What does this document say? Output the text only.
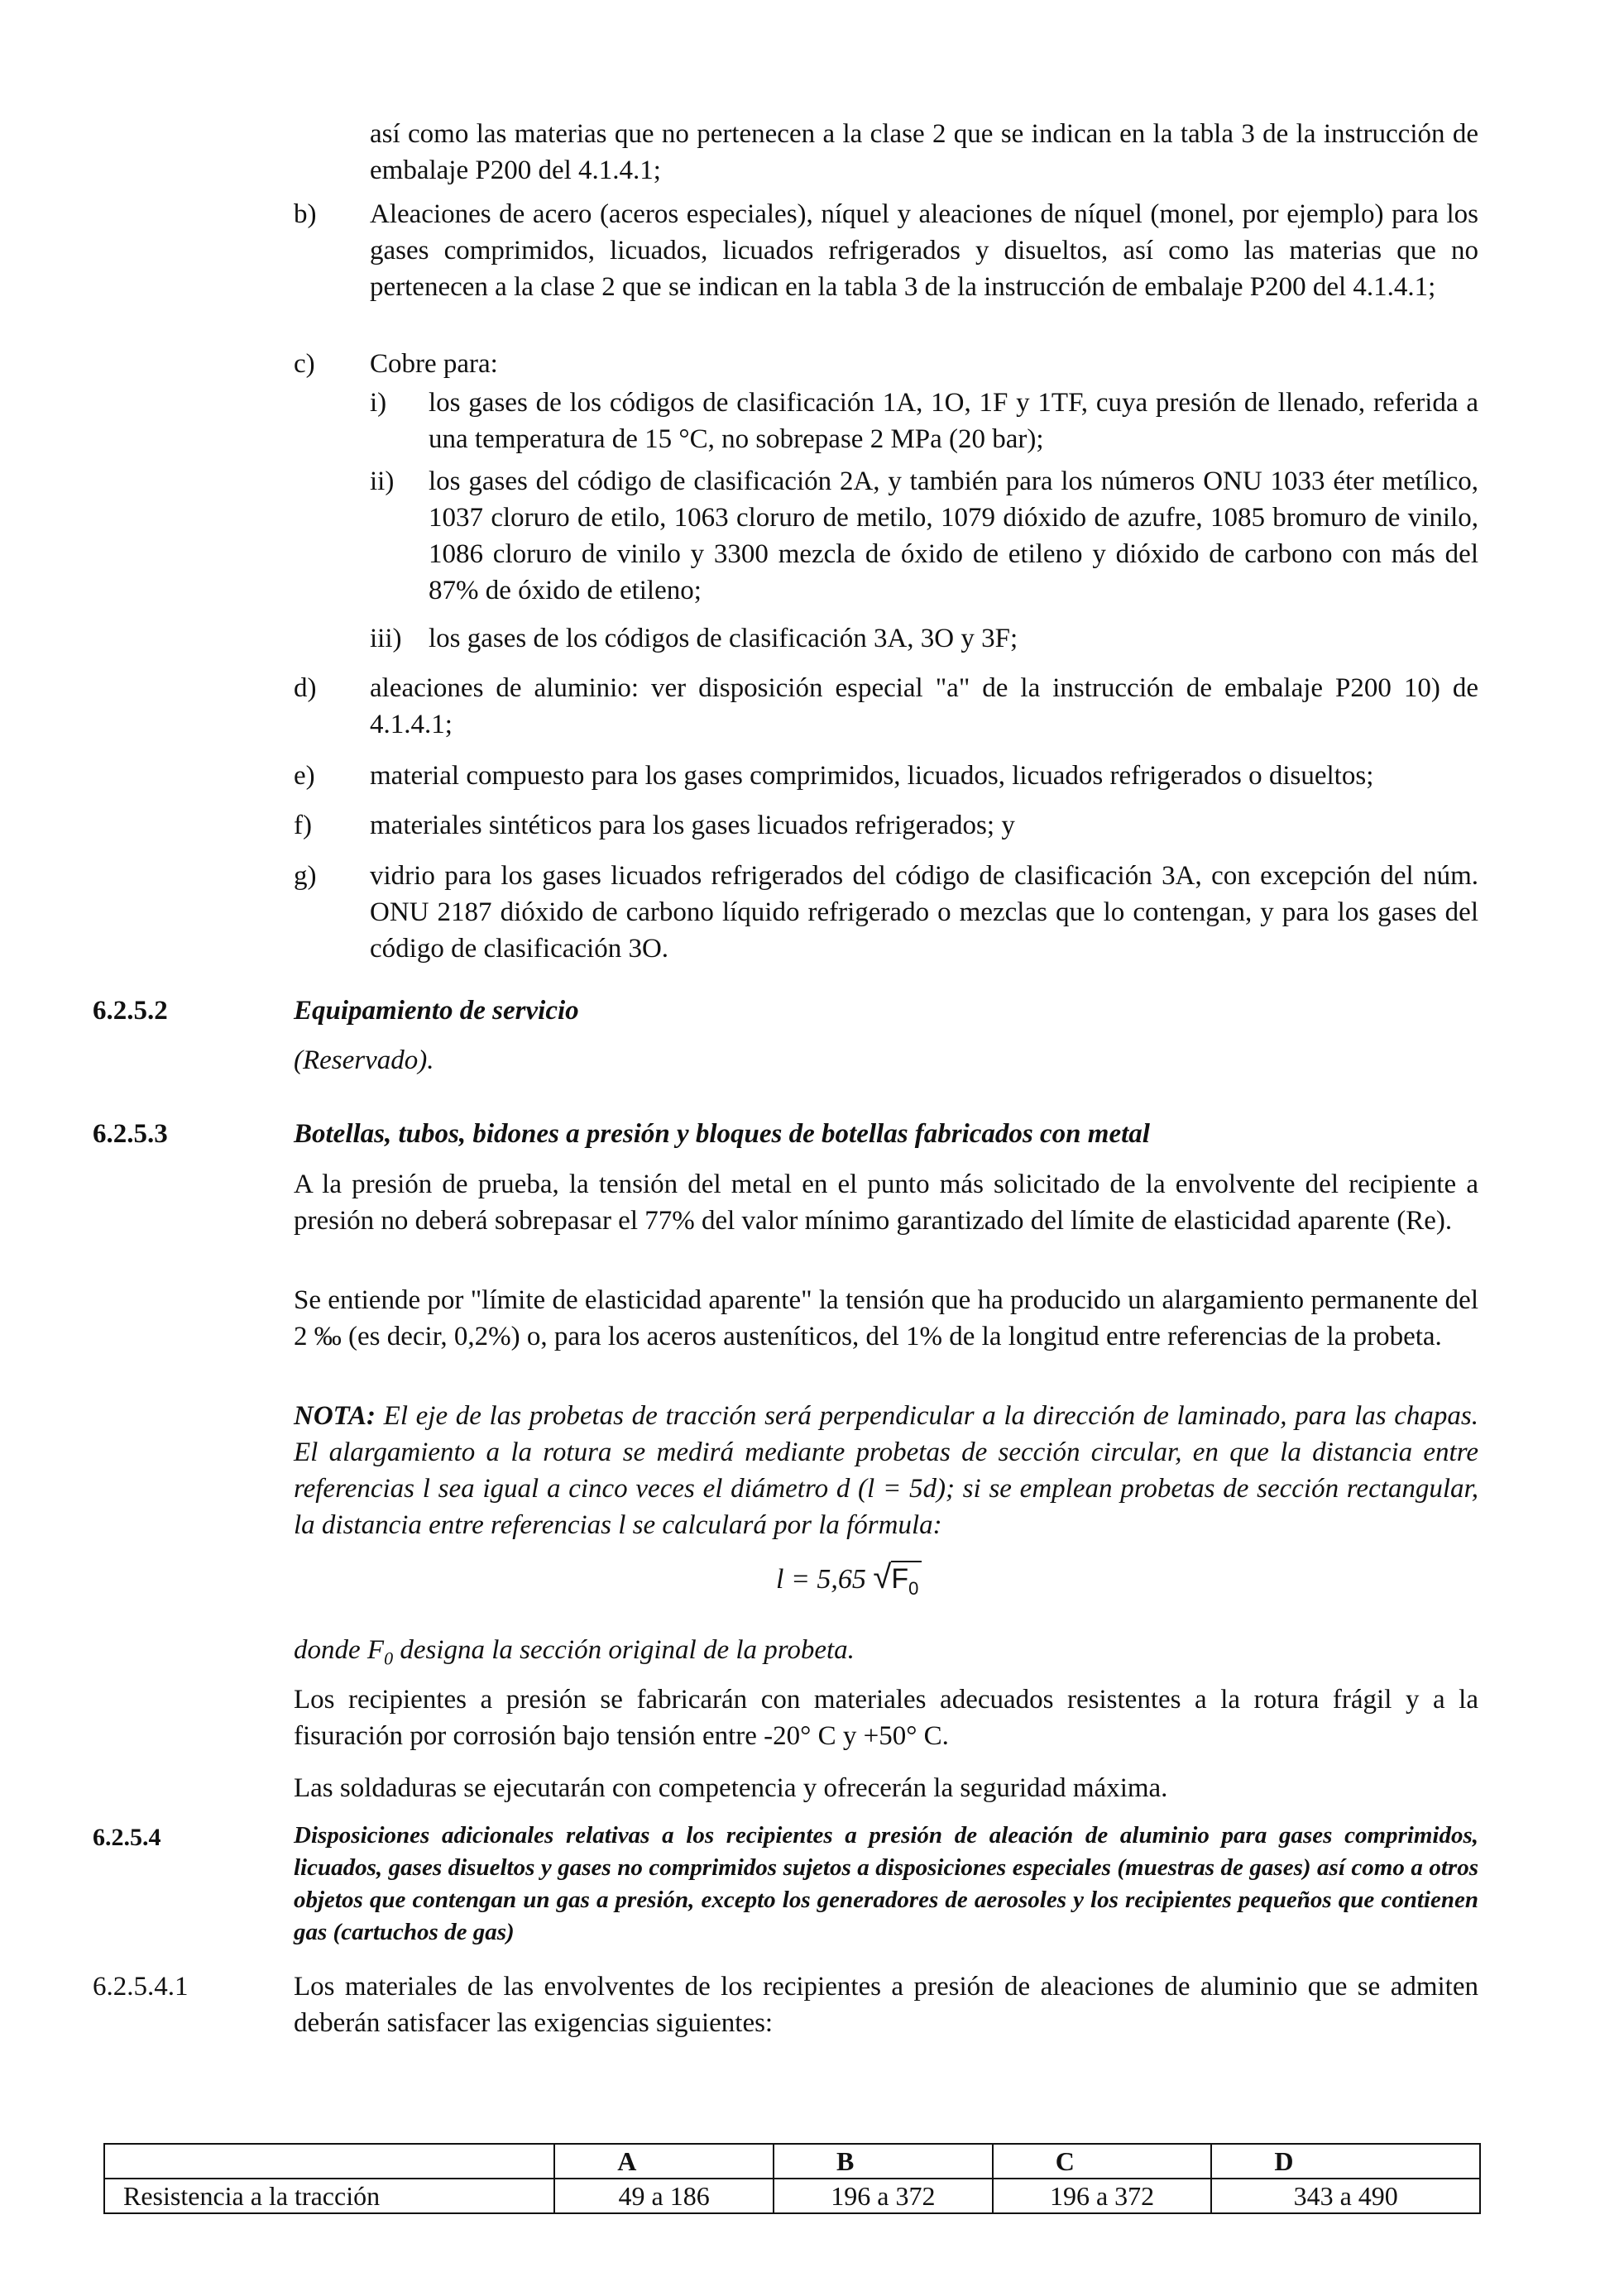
así como las materias que no pertenecen a la clase 2 que se indican en la tabla 3 de la instrucción de embalaje P200 del 4.1.4.1;

b) Aleaciones de acero (aceros especiales), níquel y aleaciones de níquel (monel, por ejemplo) para los gases comprimidos, licuados, licuados refrigerados y disueltos, así como las materias que no pertenecen a la clase 2 que se indican en la tabla 3 de la instrucción de embalaje P200 del 4.1.4.1;

c) Cobre para:

i) los gases de los códigos de clasificación 1A, 1O, 1F y 1TF, cuya presión de llenado, referida a una temperatura de 15 °C, no sobrepase 2 MPa (20 bar);

ii) los gases del código de clasificación 2A, y también para los números ONU 1033 éter metílico, 1037 cloruro de etilo, 1063 cloruro de metilo, 1079 dióxido de azufre, 1085 bromuro de vinilo, 1086 cloruro de vinilo y 3300 mezcla de óxido de etileno y dióxido de carbono con más del 87% de óxido de etileno;

iii) los gases de los códigos de clasificación 3A, 3O y 3F;

d) aleaciones de aluminio: ver disposición especial "a" de la instrucción de embalaje P200 10) de 4.1.4.1;

e) material compuesto para los gases comprimidos, licuados, licuados refrigerados o disueltos;

f) materiales sintéticos para los gases licuados refrigerados; y

g) vidrio para los gases licuados refrigerados del código de clasificación 3A, con excepción del núm. ONU 2187 dióxido de carbono líquido refrigerado o mezclas que lo contengan, y para los gases del código de clasificación 3O.

6.2.5.2	Equipamiento de servicio

(Reservado).

6.2.5.3	Botellas, tubos, bidones a presión y bloques de botellas fabricados con metal

A la presión de prueba, la tensión del metal en el punto más solicitado de la envolvente del recipiente a presión no deberá sobrepasar el 77% del valor mínimo garantizado del límite de elasticidad aparente (Re).

Se entiende por "límite de elasticidad aparente" la tensión que ha producido un alargamiento permanente del 2 ‰ (es decir, 0,2%) o, para los aceros austeníticos, del 1% de la longitud entre referencias de la probeta.

NOTA: El eje de las probetas de tracción será perpendicular a la dirección de laminado, para las chapas. El alargamiento a la rotura se medirá mediante probetas de sección circular, en que la distancia entre referencias l sea igual a cinco veces el diámetro d (l = 5d); si se emplean probetas de sección rectangular, la distancia entre referencias l se calculará por la fórmula:

l = 5,65 √
$F_0$

donde $F_0$ designa la sección original de la probeta.

Los recipientes a presión se fabricarán con materiales adecuados resistentes a la rotura frágil y a la fisuración por corrosión bajo tensión entre -20° C y +50° C.

Las soldaduras se ejecutarán con competencia y ofrecerán la seguridad máxima.

6.2.5.4	Disposiciones adicionales relativas a los recipientes a presión de aleación de aluminio para gases comprimidos, licuados, gases disueltos y gases no comprimidos sujetos a disposiciones especiales (muestras de gases) así como a otros objetos que contengan un gas a presión, excepto los generadores de aerosoles y los recipientes pequeños que contienen gas (cartuchos de gas)

6.2.5.4.1	Los materiales de las envolventes de los recipientes a presión de aleaciones de aluminio que se admiten deberán satisfacer las exigencias siguientes:

	A	B	C	D
Resistencia a la tracción	49 a 186	196 a 372	196 a 372	343 a 490
